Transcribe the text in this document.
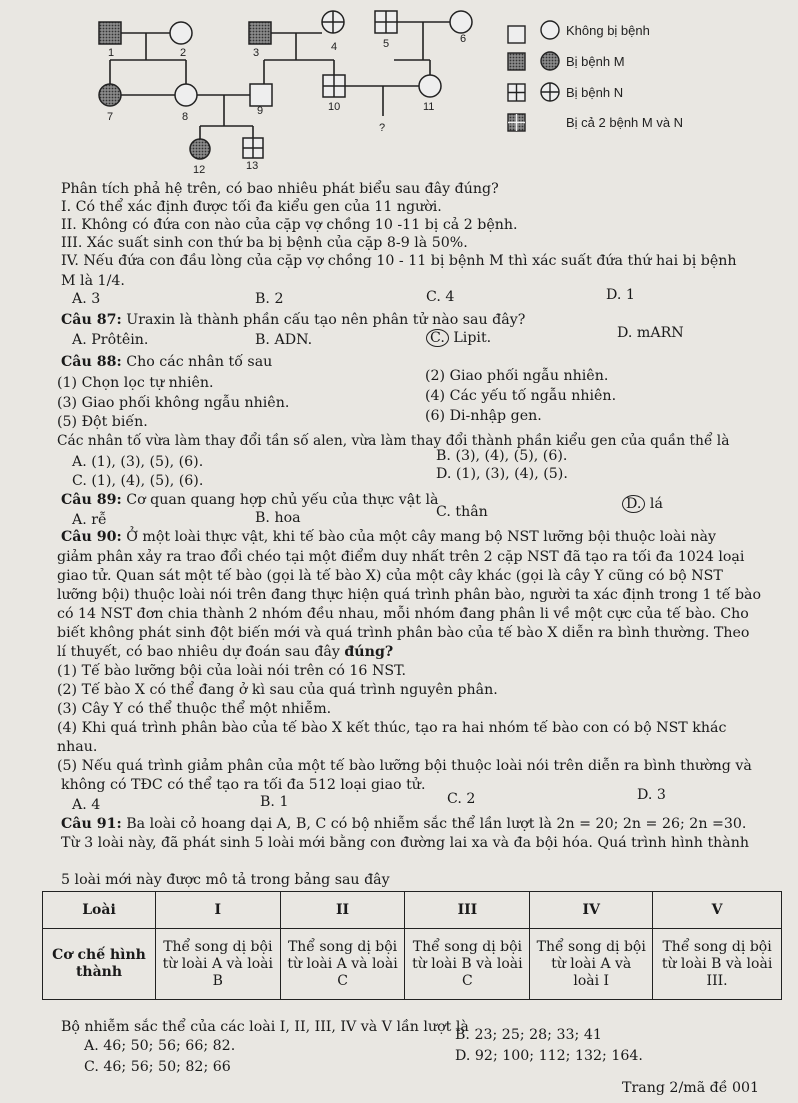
1	2	3	4	5	6
7	8	9	10	11
?
12	13
Không bị bệnh
Bị bệnh M
Bị bệnh N
Bị cả 2 bệnh M và N
Phân tích phả hệ trên, có bao nhiêu phát biểu sau đây đúng?
I. Có thể xác định được tối đa kiểu gen của 11 người.
II. Không có đứa con nào của cặp vợ chồng 10 -11 bị cả 2 bệnh.
III. Xác suất sinh con thứ ba bị bệnh của cặp 8-9 là 50%.
IV. Nếu đứa con đầu lòng của cặp vợ chồng 10 - 11 bị bệnh M thì xác suất đứa thứ hai bị bệnh
M là 1/4.
A. 3	B. 2	C. 4	D. 1
Câu 87: Uraxin là thành phần cấu tạo nên phân tử nào sau đây?
A. Prôtêin.	B. ADN.	C. Lipit.	D. mARN
Câu 88: Cho các nhân tố sau
(1) Chọn lọc tự nhiên.	(2) Giao phối ngẫu nhiên.
(3) Giao phối không ngẫu nhiên.	(4) Các yếu tố ngẫu nhiên.
(5) Đột biến.	(6) Di-nhập gen.
Các nhân tố vừa làm thay đổi tần số alen, vừa làm thay đổi thành phần kiểu gen của quần thể là
A. (1), (3), (5), (6).	B. (3), (4), (5), (6).
C. (1), (4), (5), (6).	D. (1), (3), (4), (5).
Câu 89: Cơ quan quang hợp chủ yếu của thực vật là
A. rễ	B. hoa	C. thân	D. lá
Câu 90: Ở một loài thực vật, khi tế bào của một cây mang bộ NST lưỡng bội thuộc loài này
giảm phân xảy ra trao đổi chéo tại một điểm duy nhất trên 2 cặp NST đã tạo ra tối đa 1024 loại
giao tử. Quan sát một tế bào (gọi là tế bào X) của một cây khác (gọi là cây Y cũng có bộ NST
lưỡng bội) thuộc loài nói trên đang thực hiện quá trình phân bào, người ta xác định trong 1 tế bào
có 14 NST đơn chia thành 2 nhóm đều nhau, mỗi nhóm đang phân li về một cực của tế bào. Cho
biết không phát sinh đột biến mới và quá trình phân bào của tế bào X diễn ra bình thường. Theo
lí thuyết, có bao nhiêu dự đoán sau đây đúng?
(1) Tế bào lưỡng bội của loài nói trên có 16 NST.
(2) Tế bào X có thể đang ở kì sau của quá trình nguyên phân.
(3) Cây Y có thể thuộc thể một nhiễm.
(4) Khi quá trình phân bào của tế bào X kết thúc, tạo ra hai nhóm tế bào con có bộ NST khác
nhau.
(5) Nếu quá trình giảm phân của một tế bào lưỡng bội thuộc loài nói trên diễn ra bình thường và
không có TĐC có thể tạo ra tối đa 512 loại giao tử.
A. 4	B. 1	C. 2	D. 3
Câu 91: Ba loài cỏ hoang dại A, B, C có bộ nhiễm sắc thể lần lượt là 2n = 20; 2n = 26; 2n =30.
Từ 3 loài này, đã phát sinh 5 loài mới bằng con đường lai xa và đa bội hóa. Quá trình hình thành
5 loài mới này được mô tả trong bảng sau đây
Loài	I	II	III	IV	V
Cơ chế hình thành	Thể song dị bội từ loài A và loài B	Thể song dị bội từ loài A và loài C	Thể song dị bội từ loài B và loài C	Thể song dị bội từ loài A và loài I	Thể song dị bội từ loài B và loài III.
Bộ nhiễm sắc thể của các loài I, II, III, IV và V lần lượt là
A. 46; 50; 56; 66; 82.
B. 23; 25; 28; 33; 41
C. 46; 56; 50; 82; 66
D. 92; 100; 112; 132; 164.
Trang 2/mã đề 001
